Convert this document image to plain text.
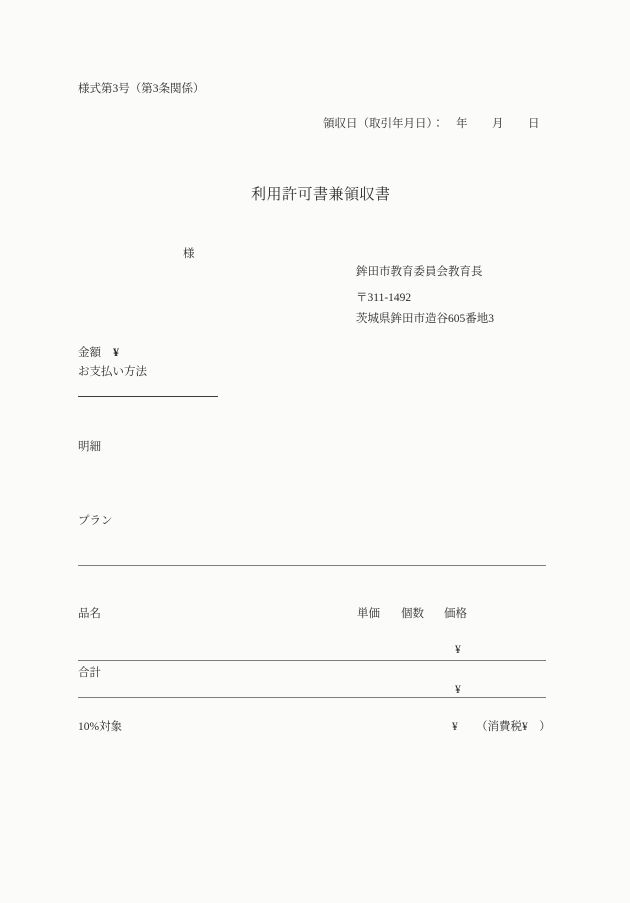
様式第3号（第3条関係）
領収日（取引年月日）： 年 月 日
利用許可書兼領収書
様
鉾田市教育委員会教育長
〒311-1492
茨城県鉾田市造谷605番地3
金額 ¥
お支払い方法
明細
プラン
品名	単価 個数 価格
¥
合計
¥
10%対象	¥ （消費税¥　）
